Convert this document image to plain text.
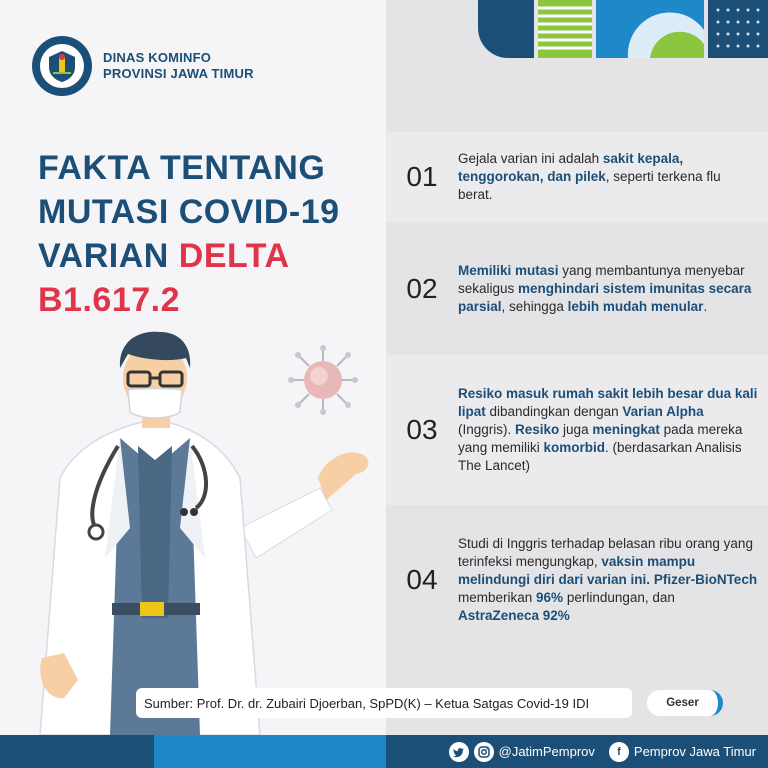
DINAS KOMINFO
PROVINSI JAWA TIMUR
FAKTA TENTANG
MUTASI COVID-19
VARIAN DELTA
B1.617.2
01
Gejala varian ini adalah sakit kepala, tenggorokan, dan pilek, seperti terkena flu berat.
02
Memiliki mutasi yang membantunya menyebar sekaligus menghindari sistem imunitas secara parsial, sehingga lebih mudah menular.
03
Resiko masuk rumah sakit lebih besar dua kali lipat dibandingkan dengan Varian Alpha (Inggris). Resiko juga meningkat pada mereka yang memiliki komorbid. (berdasarkan Analisis The Lancet)
04
Studi di Inggris terhadap belasan ribu orang yang terinfeksi mengungkap, vaksin mampu melindungi diri dari varian ini. Pfizer-BioNTech memberikan 96% perlindungan, dan AstraZeneca 92%
Sumber: Prof. Dr. dr. Zubairi Djoerban, SpPD(K) – Ketua Satgas Covid-19 IDI	Geser
@JatimPemprov	f	Pemprov Jawa Timur
